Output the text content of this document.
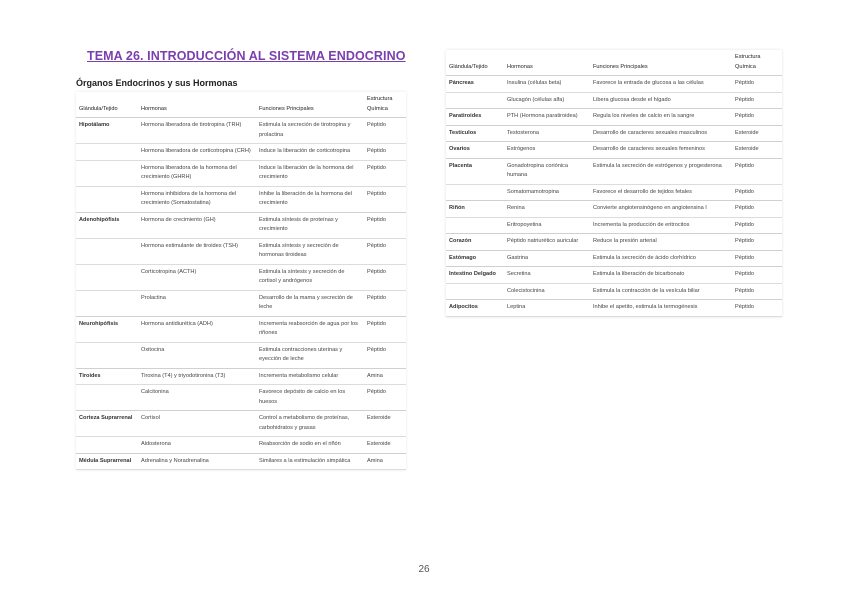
TEMA 26. INTRODUCCIÓN AL SISTEMA ENDOCRINO
Órganos Endocrinos y sus Hormonas
Glándula/Tejido	Hormonas	Funciones Principales	Estructura Química
Hipotálamo	Hormona liberadora de tirotropina (TRH)	Estimula la secreción de tirotropina y prolactina	Péptido
	Hormona liberadora de corticotropina (CRH)	Induce la liberación de corticotropina	Péptido
	Hormona liberadora de la hormona del crecimiento (GHRH)	Induce la liberación de la hormona del crecimiento	Péptido
	Hormona inhibidora de la hormona del crecimiento (Somatostatina)	Inhibe la liberación de la hormona del crecimiento	Péptido
Adenohipófisis	Hormona de crecimiento (GH)	Estimula síntesis de proteínas y crecimiento	Péptido
	Hormona estimulante de tiroides (TSH)	Estimula síntesis y secreción de hormonas tiroideas	Péptido
	Corticotropina (ACTH)	Estimula la síntesis y secreción de cortisol y andrógenos	Péptido
	Prolactina	Desarrollo de la mama y secreción de leche	Péptido
Neurohipófisis	Hormona antidiurética (ADH)	Incrementa reabsorción de agua por los riñones	Péptido
	Oxitocina	Estimula contracciones uterinas y eyección de leche	Péptido
Tiroides	Tiroxina (T4) y triyodotironina (T3)	Incrementa metabolismo celular	Amina
	Calcitonina	Favorece depósito de calcio en los huesos	Péptido
Corteza Suprarrenal	Cortisol	Control a metabolismo de proteínas, carbohidratos y grasas	Esteroide
	Aldosterona	Reabsorción de sodio en el riñón	Esteroide
Médula Suprarrenal	Adrenalina y Noradrenalina	Similares a la estimulación simpática	Amina
Glándula/Tejido	Hormonas	Funciones Principales	Estructura Química
Páncreas	Insulina (células beta)	Favorece la entrada de glucosa a las células	Péptido
	Glucagón (células alfa)	Libera glucosa desde el hígado	Péptido
Paratiroides	PTH (Hormona paratiroidea)	Regula los niveles de calcio en la sangre	Péptido
Testículos	Testosterona	Desarrollo de caracteres sexuales masculinos	Esteroide
Ovarios	Estrógenos	Desarrollo de caracteres sexuales femeninos	Esteroide
Placenta	Gonadotropina coriónica humana	Estimula la secreción de estrógenos y progesterona	Péptido
	Somatomamotropina	Favorece el desarrollo de tejidos fetales	Péptido
Riñón	Renina	Convierte angiotensinógeno en angiotensina I	Péptido
	Eritropoyetina	Incrementa la producción de eritrocitos	Péptido
Corazón	Péptido natriurético auricular	Reduce la presión arterial	Péptido
Estómago	Gastrina	Estimula la secreción de ácido clorhídrico	Péptido
Intestino Delgado	Secretina	Estimula la liberación de bicarbonato	Péptido
	Colecistocinina	Estimula la contracción de la vesícula biliar	Péptido
Adipocitos	Leptina	Inhibe el apetito, estimula la termogénesis	Péptido
26
